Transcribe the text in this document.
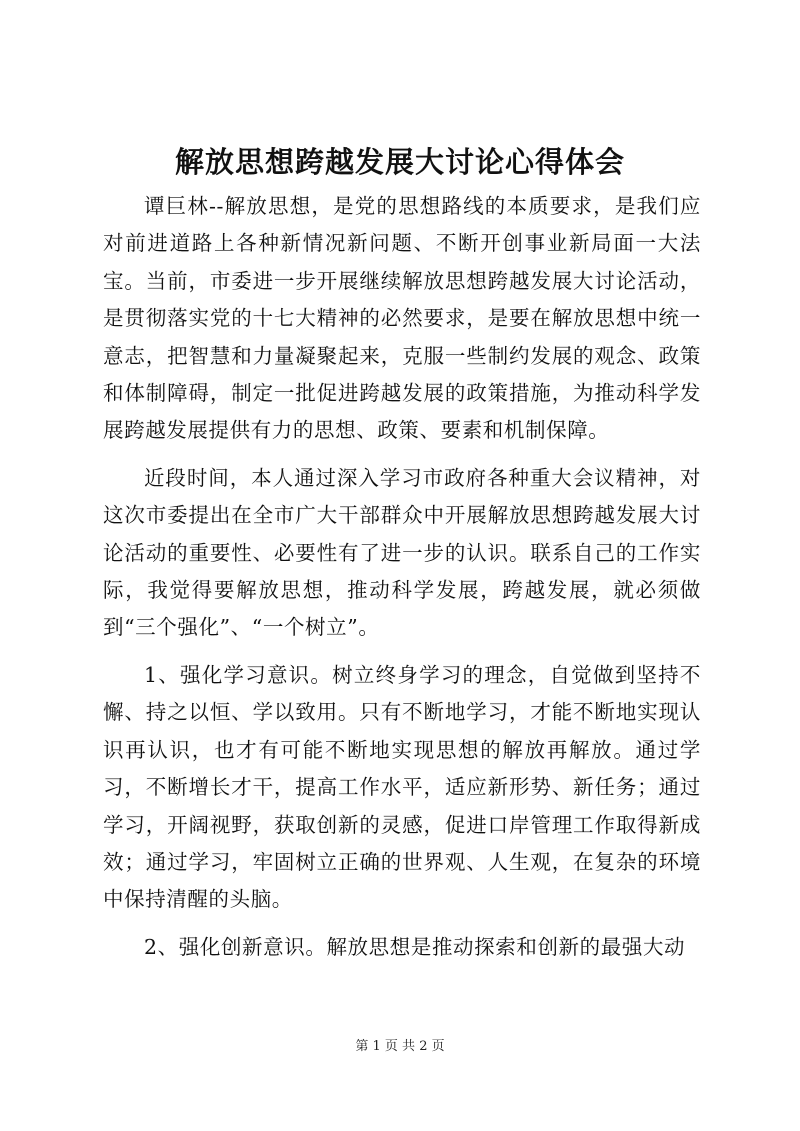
解放思想跨越发展大讨论心得体会

谭巨林--解放思想，是党的思想路线的本质要求，是我们应对前进道路上各种新情况新问题、不断开创事业新局面一大法宝。当前，市委进一步开展继续解放思想跨越发展大讨论活动，是贯彻落实党的十七大精神的必然要求，是要在解放思想中统一意志，把智慧和力量凝聚起来，克服一些制约发展的观念、政策和体制障碍，制定一批促进跨越发展的政策措施，为推动科学发展跨越发展提供有力的思想、政策、要素和机制保障。

近段时间，本人通过深入学习市政府各种重大会议精神，对这次市委提出在全市广大干部群众中开展解放思想跨越发展大讨论活动的重要性、必要性有了进一步的认识。联系自己的工作实际，我觉得要解放思想，推动科学发展，跨越发展，就必须做到“三个强化”、“一个树立”。

1、强化学习意识。树立终身学习的理念，自觉做到坚持不懈、持之以恒、学以致用。只有不断地学习，才能不断地实现认识再认识，也才有可能不断地实现思想的解放再解放。通过学习，不断增长才干，提高工作水平，适应新形势、新任务；通过学习，开阔视野，获取创新的灵感，促进口岸管理工作取得新成效；通过学习，牢固树立正确的世界观、人生观，在复杂的环境中保持清醒的头脑。

2、强化创新意识。解放思想是推动探索和创新的最强大动

第 1 页 共 2 页
